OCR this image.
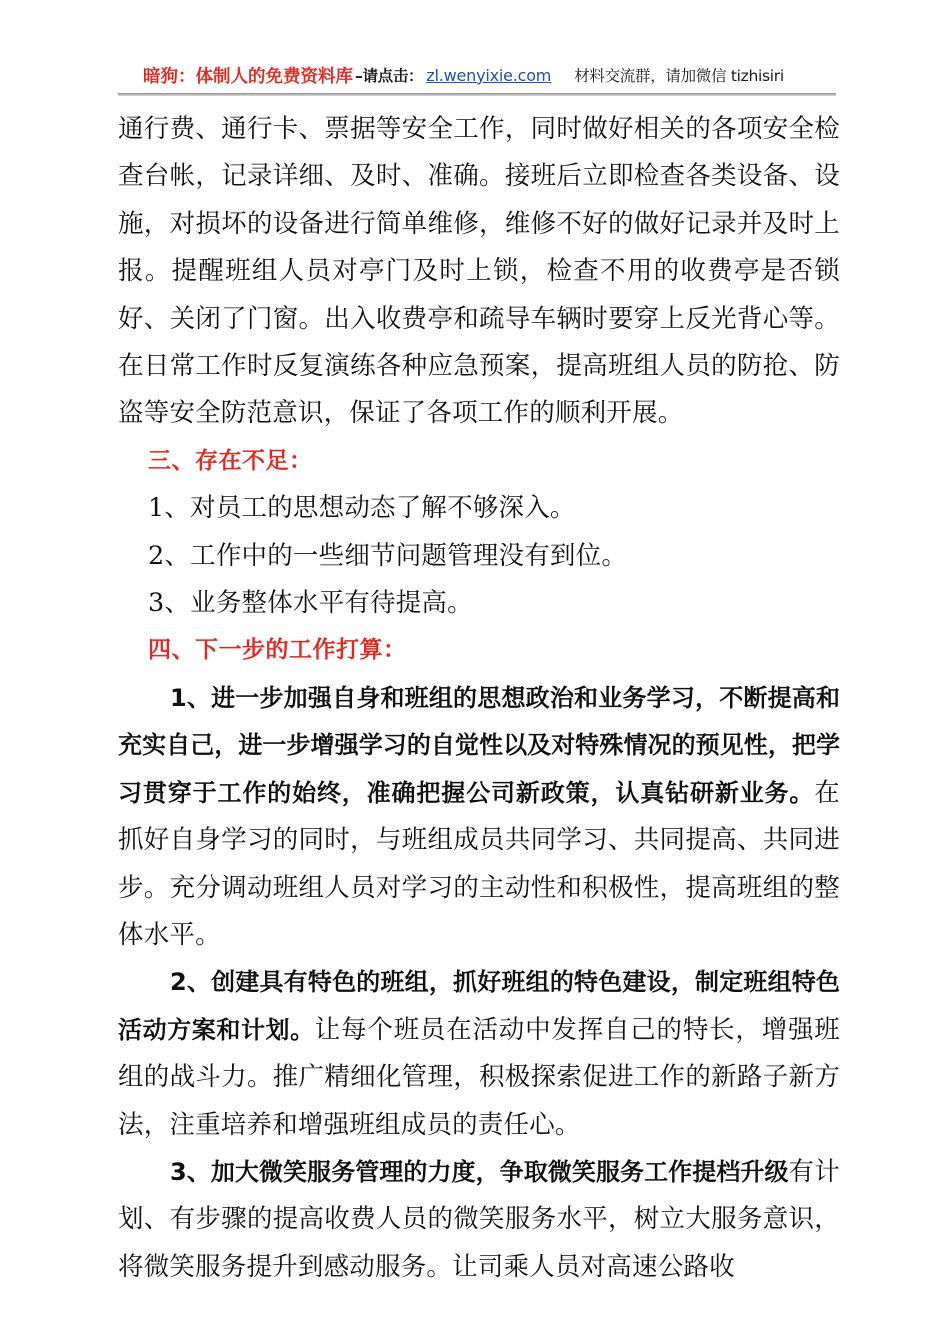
暗狗：体制人的免费资料库 –请点击： zl.wenyixie.com 材料交流群，请加微信 tizhisiri

通行费、通行卡、票据等安全工作，同时做好相关的各项安全检查台帐，记录详细、及时、准确。接班后立即检查各类设备、设施，对损坏的设备进行简单维修，维修不好的做好记录并及时上报。提醒班组人员对亭门及时上锁，检查不用的收费亭是否锁好、关闭了门窗。出入收费亭和疏导车辆时要穿上反光背心等。在日常工作时反复演练各种应急预案，提高班组人员的防抢、防盗等安全防范意识，保证了各项工作的顺利开展。

三、存在不足：

1、对员工的思想动态了解不够深入。

2、工作中的一些细节问题管理没有到位。

3、业务整体水平有待提高。

四、下一步的工作打算：

1、进一步加强自身和班组的思想政治和业务学习，不断提高和充实自己，进一步增强学习的自觉性以及对特殊情况的预见性，把学习贯穿于工作的始终，准确把握公司新政策，认真钻研新业务。在抓好自身学习的同时，与班组成员共同学习、共同提高、共同进步。充分调动班组人员对学习的主动性和积极性，提高班组的整体水平。

2、创建具有特色的班组，抓好班组的特色建设，制定班组特色活动方案和计划。让每个班员在活动中发挥自己的特长，增强班组的战斗力。推广精细化管理，积极探索促进工作的新路子新方法，注重培养和增强班组成员的责任心。

3、加大微笑服务管理的力度，争取微笑服务工作提档升级有计划、有步骤的提高收费人员的微笑服务水平，树立大服务意识，将微笑服务提升到感动服务。让司乘人员对高速公路收
